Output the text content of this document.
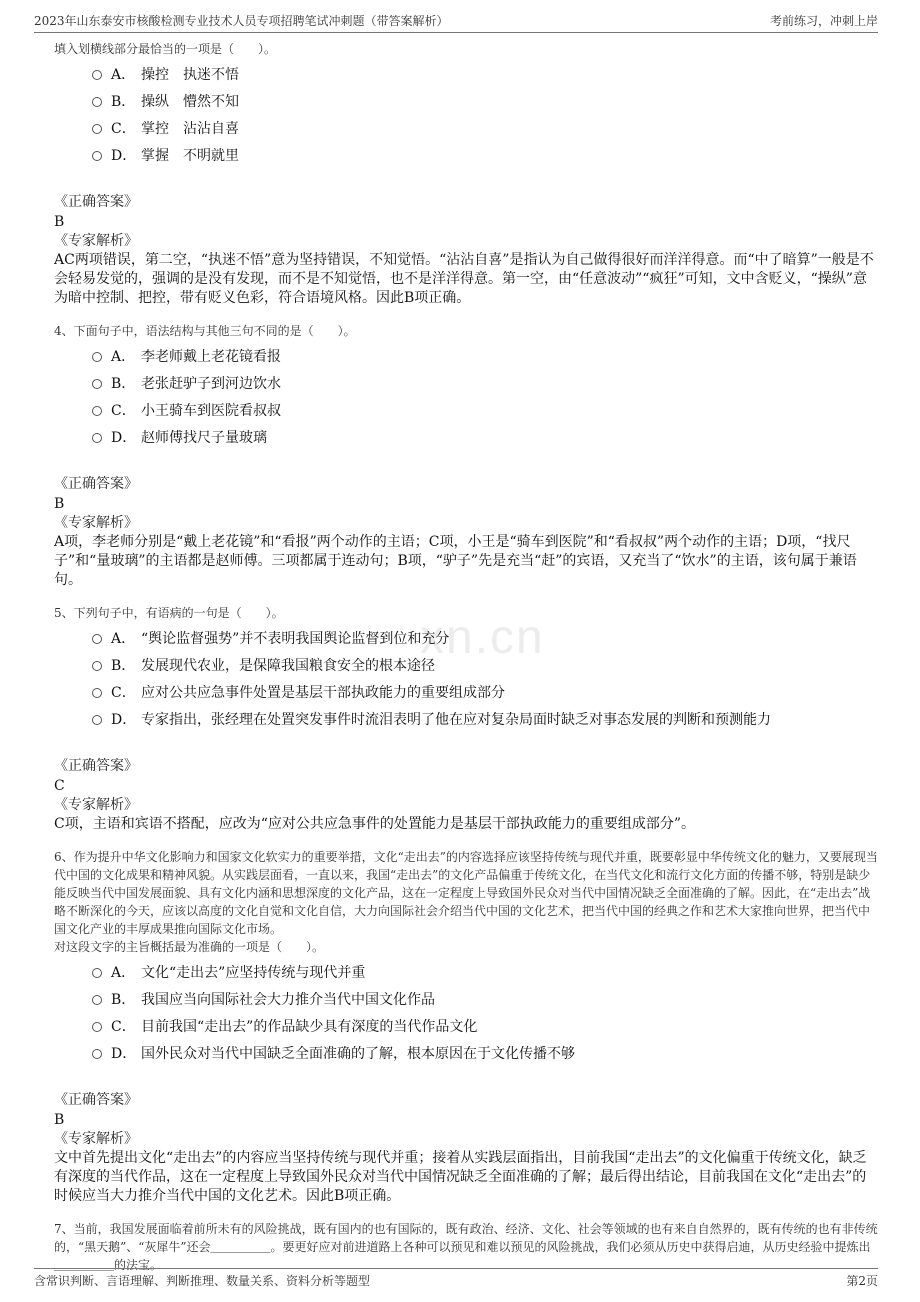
2023年山东泰安市核酸检测专业技术人员专项招聘笔试冲刺题（带答案解析）	考前练习，冲刺上岸
xn.cn

填入划横线部分最恰当的一项是（　　）。

A． 操控　执迷不悟
B． 操纵　懵然不知
C． 掌控　沾沾自喜
D． 掌握　不明就里
《正确答案》
B
《专家解析》
AC两项错误，第二空，“执迷不悟”意为坚持错误，不知觉悟。“沾沾自喜”是指认为自己做得很好而洋洋得意。而“中了暗算”一般是不会轻易发觉的，强调的是没有发现，而不是不知觉悟，也不是洋洋得意。第一空，由“任意波动”“疯狂”可知，文中含贬义，“操纵”意为暗中控制、把控，带有贬义色彩，符合语境风格。因此B项正确。

4、下面句子中，语法结构与其他三句不同的是（　　）。

A． 李老师戴上老花镜看报
B． 老张赶驴子到河边饮水
C． 小王骑车到医院看叔叔
D． 赵师傅找尺子量玻璃
《正确答案》
B
《专家解析》
A项，李老师分别是“戴上老花镜”和“看报”两个动作的主语；C项，小王是“骑车到医院”和“看叔叔”两个动作的主语；D项，“找尺子”和“量玻璃”的主语都是赵师傅。三项都属于连动句；B项，“驴子”先是充当“赶”的宾语，又充当了“饮水”的主语，该句属于兼语句。

5、下列句子中，有语病的一句是（　　）。

A． “舆论监督强势”并不表明我国舆论监督到位和充分
B． 发展现代农业，是保障我国粮食安全的根本途径
C． 应对公共应急事件处置是基层干部执政能力的重要组成部分
D． 专家指出，张经理在处置突发事件时流泪表明了他在应对复杂局面时缺乏对事态发展的判断和预测能力
《正确答案》
C
《专家解析》
C项，主语和宾语不搭配，应改为“应对公共应急事件的处置能力是基层干部执政能力的重要组成部分”。

6、作为提升中华文化影响力和国家文化软实力的重要举措，文化“走出去”的内容选择应该坚持传统与现代并重，既要彰显中华传统文化的魅力，又要展现当代中国的文化成果和精神风貌。从实践层面看，一直以来，我国“走出去”的文化产品偏重于传统文化，在当代文化和流行文化方面的传播不够，特别是缺少能反映当代中国发展面貌、具有文化内涵和思想深度的文化产品，这在一定程度上导致国外民众对当代中国情况缺乏全面准确的了解。因此，在“走出去”战略不断深化的今天，应该以高度的文化自觉和文化自信，大力向国际社会介绍当代中国的文化艺术，把当代中国的经典之作和艺术大家推向世界，把当代中国文化产业的丰厚成果推向国际文化市场。

对这段文字的主旨概括最为准确的一项是（　　）。

A． 文化“走出去”应坚持传统与现代并重
B． 我国应当向国际社会大力推介当代中国文化作品
C． 目前我国“走出去”的作品缺少具有深度的当代作品文化
D． 国外民众对当代中国缺乏全面准确的了解，根本原因在于文化传播不够
《正确答案》
B
《专家解析》
文中首先提出文化“走出去”的内容应当坚持传统与现代并重；接着从实践层面指出，目前我国“走出去”的文化偏重于传统文化，缺乏有深度的当代作品，这在一定程度上导致国外民众对当代中国情况缺乏全面准确的了解；最后得出结论，目前我国在文化“走出去”的时候应当大力推介当代中国的文化艺术。因此B项正确。

7、当前，我国发展面临着前所未有的风险挑战，既有国内的也有国际的，既有政治、经济、文化、社会等领域的也有来自自然界的，既有传统的也有非传统的，“黑天鹅”、“灰犀牛”还会＿＿＿＿＿。要更好应对前进道路上各种可以预见和难以预见的风险挑战，我们必须从历史中获得启迪，从历史经验中提炼出＿＿＿＿＿的法宝。

含常识判断、言语理解、判断推理、数量关系、资料分析等题型	第2页
